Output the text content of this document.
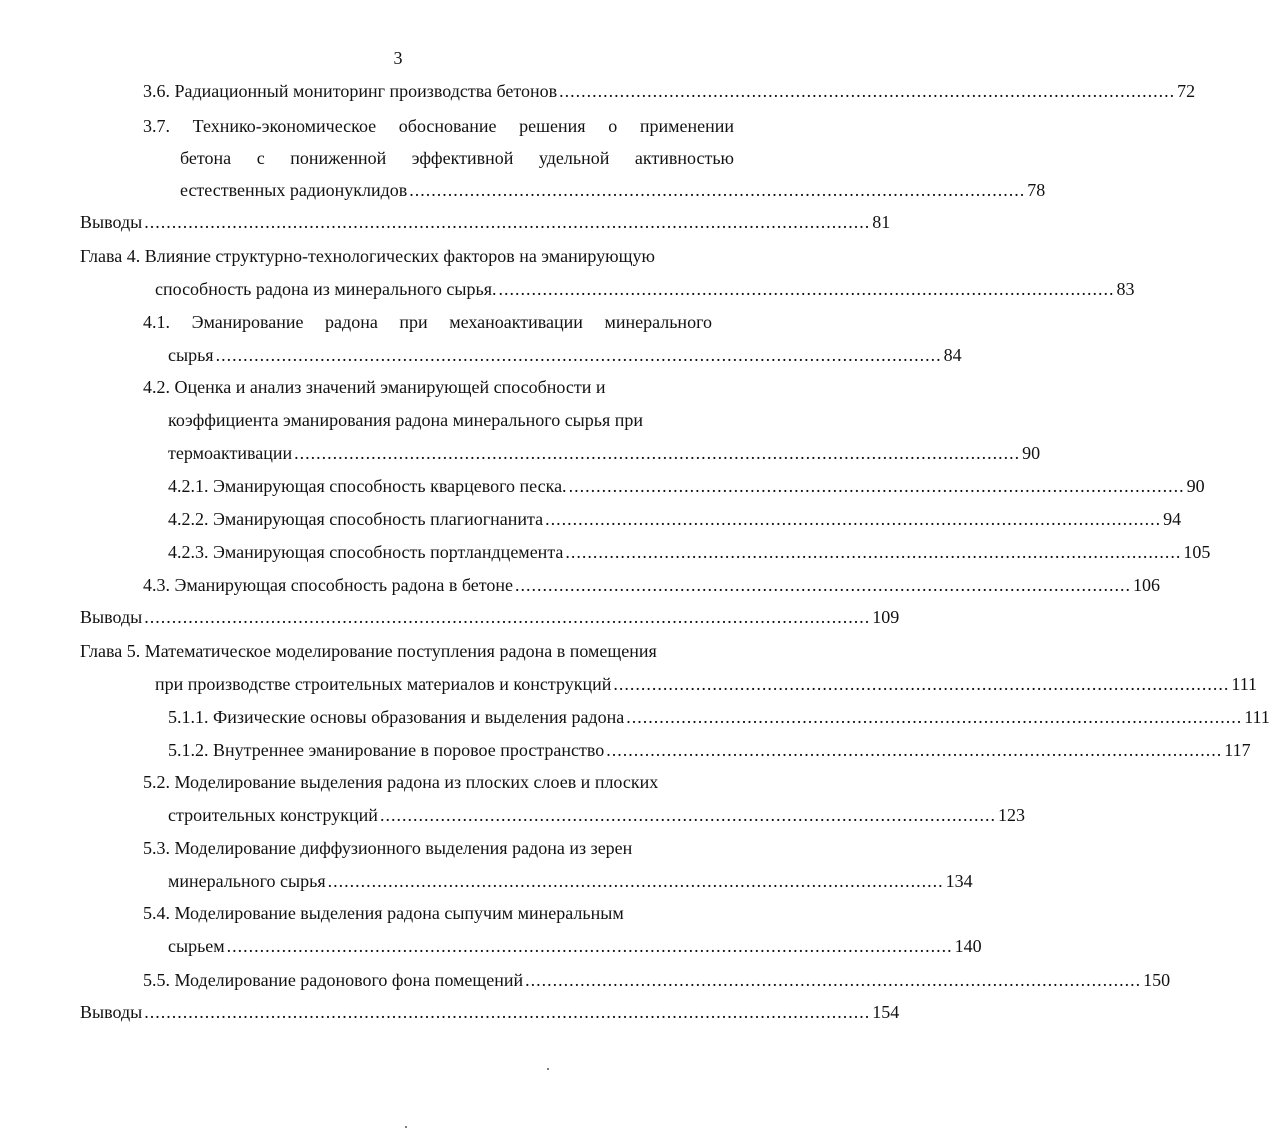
3
3.6. Радиационный мониторинг производства бетонов ................................................................................................................ 72
3.7. Технико-экономическое обоснование решения о применении
бетона с пониженной эффективной удельной активностью
естественных радионуклидов ................................................................................................................ 78
Выводы .................................................................................................................................... 81
Глава 4. Влияние структурно-технологических факторов на эманирующую
способность радона из минерального сырья. ................................................................................................................ 83
4.1. Эманирование радона при механоактивации минерального
сырья .................................................................................................................................... 84
4.2. Оценка и анализ значений эманирующей способности и
коэффициента эманирования радона минерального сырья при
термоактивации .................................................................................................................................... 90
4.2.1. Эманирующая способность кварцевого песка. ................................................................................................................ 90
4.2.2. Эманирующая способность плагиогнанита ................................................................................................................ 94
4.2.3. Эманирующая способность портландцемента ................................................................................................................ 105
4.3. Эманирующая способность радона в бетоне ................................................................................................................ 106
Выводы .................................................................................................................................... 109
Глава 5. Математическое моделирование поступления радона в помещения
при производстве строительных материалов и конструкций ................................................................................................................ 111
5.1.1. Физические основы образования и выделения радона ................................................................................................................ 111
5.1.2. Внутреннее эманирование в поровое пространство ................................................................................................................ 117
5.2. Моделирование выделения радона из плоских слоев и плоских
строительных конструкций ................................................................................................................ 123
5.3. Моделирование диффузионного выделения радона из зерен
минерального сырья ................................................................................................................ 134
5.4. Моделирование выделения радона сыпучим минеральным
сырьем .................................................................................................................................... 140
5.5. Моделирование радонового фона помещений ................................................................................................................ 150
Выводы .................................................................................................................................... 154
